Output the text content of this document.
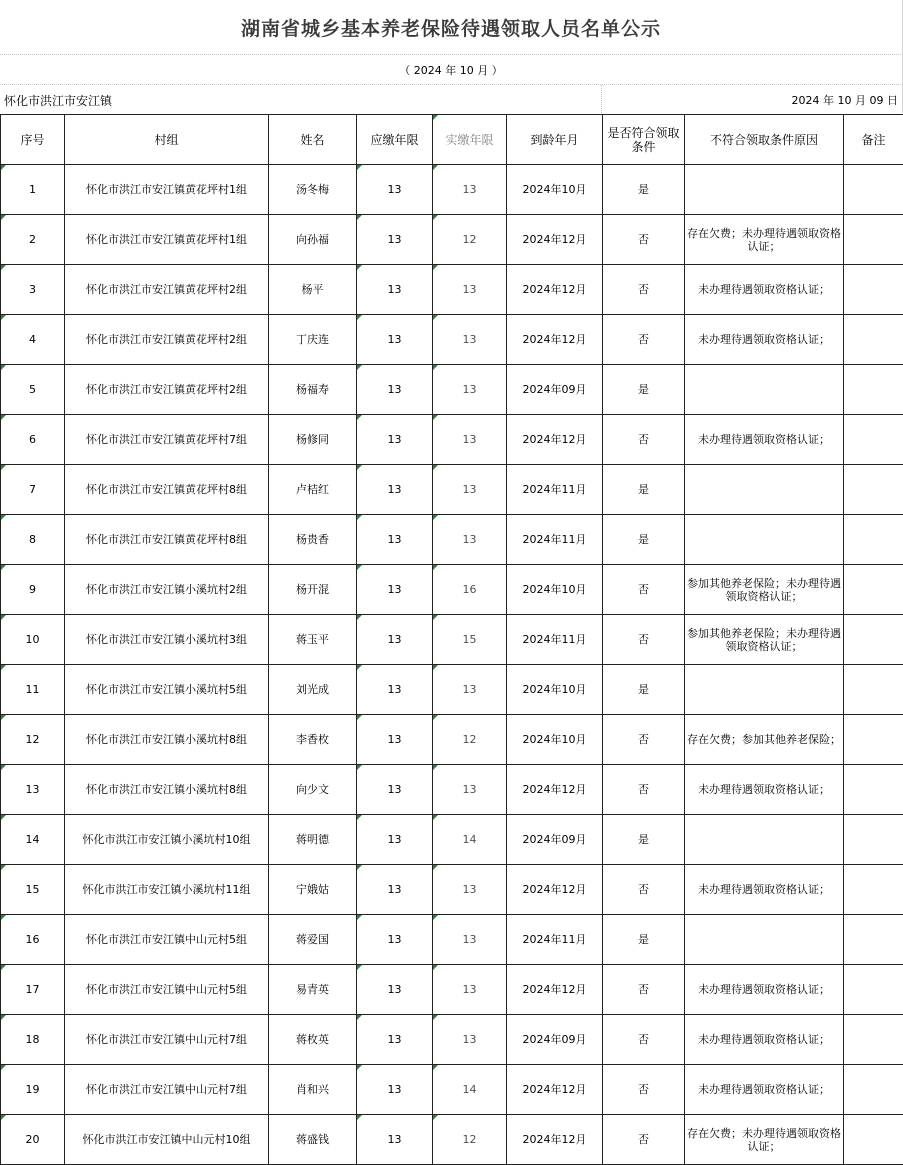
湖南省城乡基本养老保险待遇领取人员名单公示
（ 2024 年 10 月 ）
怀化市洪江市安江镇	2024 年 10 月 09 日
序号	村组	姓名	应缴年限	实缴年限	到龄年月	是否符合领取条件	不符合领取条件原因	备注
1	怀化市洪江市安江镇黄花坪村1组	汤冬梅	13	13	2024年10月	是		
2	怀化市洪江市安江镇黄花坪村1组	向孙福	13	12	2024年12月	否	存在欠费；未办理待遇领取资格认证；	
3	怀化市洪江市安江镇黄花坪村2组	杨平	13	13	2024年12月	否	未办理待遇领取资格认证；	
4	怀化市洪江市安江镇黄花坪村2组	丁庆连	13	13	2024年12月	否	未办理待遇领取资格认证；	
5	怀化市洪江市安江镇黄花坪村2组	杨福寿	13	13	2024年09月	是		
6	怀化市洪江市安江镇黄花坪村7组	杨修同	13	13	2024年12月	否	未办理待遇领取资格认证；	
7	怀化市洪江市安江镇黄花坪村8组	卢桔红	13	13	2024年11月	是		
8	怀化市洪江市安江镇黄花坪村8组	杨贵香	13	13	2024年11月	是		
9	怀化市洪江市安江镇小溪坑村2组	杨开混	13	16	2024年10月	否	参加其他养老保险；未办理待遇领取资格认证；	
10	怀化市洪江市安江镇小溪坑村3组	蒋玉平	13	15	2024年11月	否	参加其他养老保险；未办理待遇领取资格认证；	
11	怀化市洪江市安江镇小溪坑村5组	刘光成	13	13	2024年10月	是		
12	怀化市洪江市安江镇小溪坑村8组	李香枚	13	12	2024年10月	否	存在欠费；参加其他养老保险；	
13	怀化市洪江市安江镇小溪坑村8组	向少文	13	13	2024年12月	否	未办理待遇领取资格认证；	
14	怀化市洪江市安江镇小溪坑村10组	蒋明德	13	14	2024年09月	是		
15	怀化市洪江市安江镇小溪坑村11组	宁娥姑	13	13	2024年12月	否	未办理待遇领取资格认证；	
16	怀化市洪江市安江镇中山元村5组	蒋爱国	13	13	2024年11月	是		
17	怀化市洪江市安江镇中山元村5组	易青英	13	13	2024年12月	否	未办理待遇领取资格认证；	
18	怀化市洪江市安江镇中山元村7组	蒋枚英	13	13	2024年09月	否	未办理待遇领取资格认证；	
19	怀化市洪江市安江镇中山元村7组	肖和兴	13	14	2024年12月	否	未办理待遇领取资格认证；	
20	怀化市洪江市安江镇中山元村10组	蒋盛钱	13	12	2024年12月	否	存在欠费；未办理待遇领取资格认证；	
